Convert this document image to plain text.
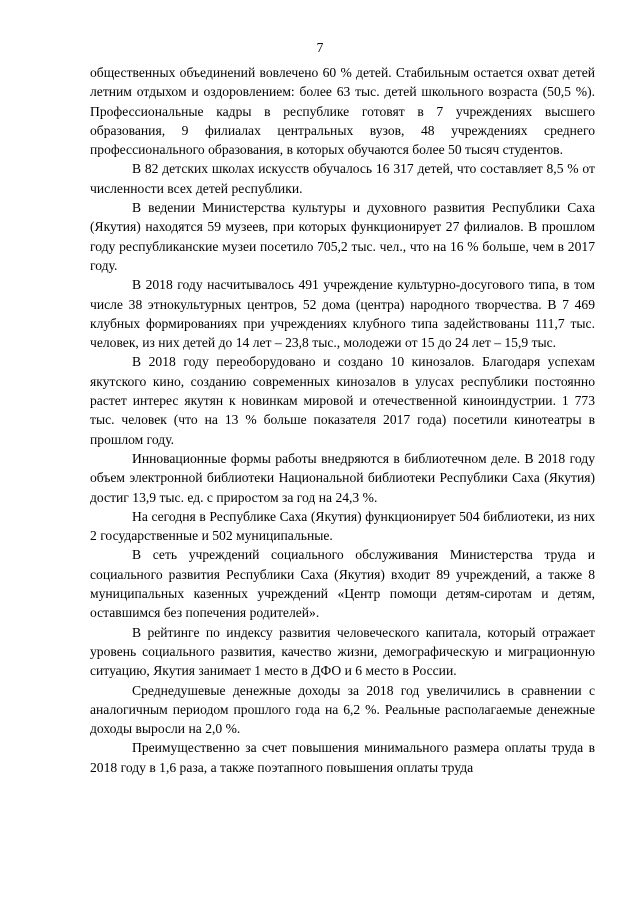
7

общественных объединений вовлечено 60 % детей. Стабильным остается охват детей летним отдыхом и оздоровлением: более 63 тыс. детей школьного возраста (50,5 %). Профессиональные кадры в республике готовят в 7 учреждениях высшего образования, 9 филиалах центральных вузов, 48 учреждениях среднего профессионального образования, в которых обучаются более 50 тысяч студентов.

В 82 детских школах искусств обучалось 16 317 детей, что составляет 8,5 % от численности всех детей республики.

В ведении Министерства культуры и духовного развития Республики Саха (Якутия) находятся 59 музеев, при которых функционирует 27 филиалов. В прошлом году республиканские музеи посетило 705,2 тыс. чел., что на 16 % больше, чем в 2017 году.

В 2018 году насчитывалось 491 учреждение культурно-досугового типа, в том числе 38 этнокультурных центров, 52 дома (центра) народного творчества. В 7 469 клубных формированиях при учреждениях клубного типа задействованы 111,7 тыс. человек, из них детей до 14 лет – 23,8 тыс., молодежи от 15 до 24 лет – 15,9 тыс.

В 2018 году переоборудовано и создано 10 кинозалов. Благодаря успехам якутского кино, созданию современных кинозалов в улусах республики постоянно растет интерес якутян к новинкам мировой и отечественной киноиндустрии. 1 773 тыс. человек (что на 13 % больше показателя 2017 года) посетили кинотеатры в прошлом году.

Инновационные формы работы внедряются в библиотечном деле. В 2018 году объем электронной библиотеки Национальной библиотеки Республики Саха (Якутия) достиг 13,9 тыс. ед. с приростом за год на 24,3 %.

На сегодня в Республике Саха (Якутия) функционирует 504 библиотеки, из них 2 государственные и 502 муниципальные.

В сеть учреждений социального обслуживания Министерства труда и социального развития Республики Саха (Якутия) входит 89 учреждений, а также 8 муниципальных казенных учреждений «Центр помощи детям-сиротам и детям, оставшимся без попечения родителей».

В рейтинге по индексу развития человеческого капитала, который отражает уровень социального развития, качество жизни, демографическую и миграционную ситуацию, Якутия занимает 1 место в ДФО и 6 место в России.

Среднедушевые денежные доходы за 2018 год увеличились в сравнении с аналогичным периодом прошлого года на 6,2 %. Реальные располагаемые денежные доходы выросли на 2,0 %.

Преимущественно за счет повышения минимального размера оплаты труда в 2018 году в 1,6 раза, а также поэтапного повышения оплаты труда
